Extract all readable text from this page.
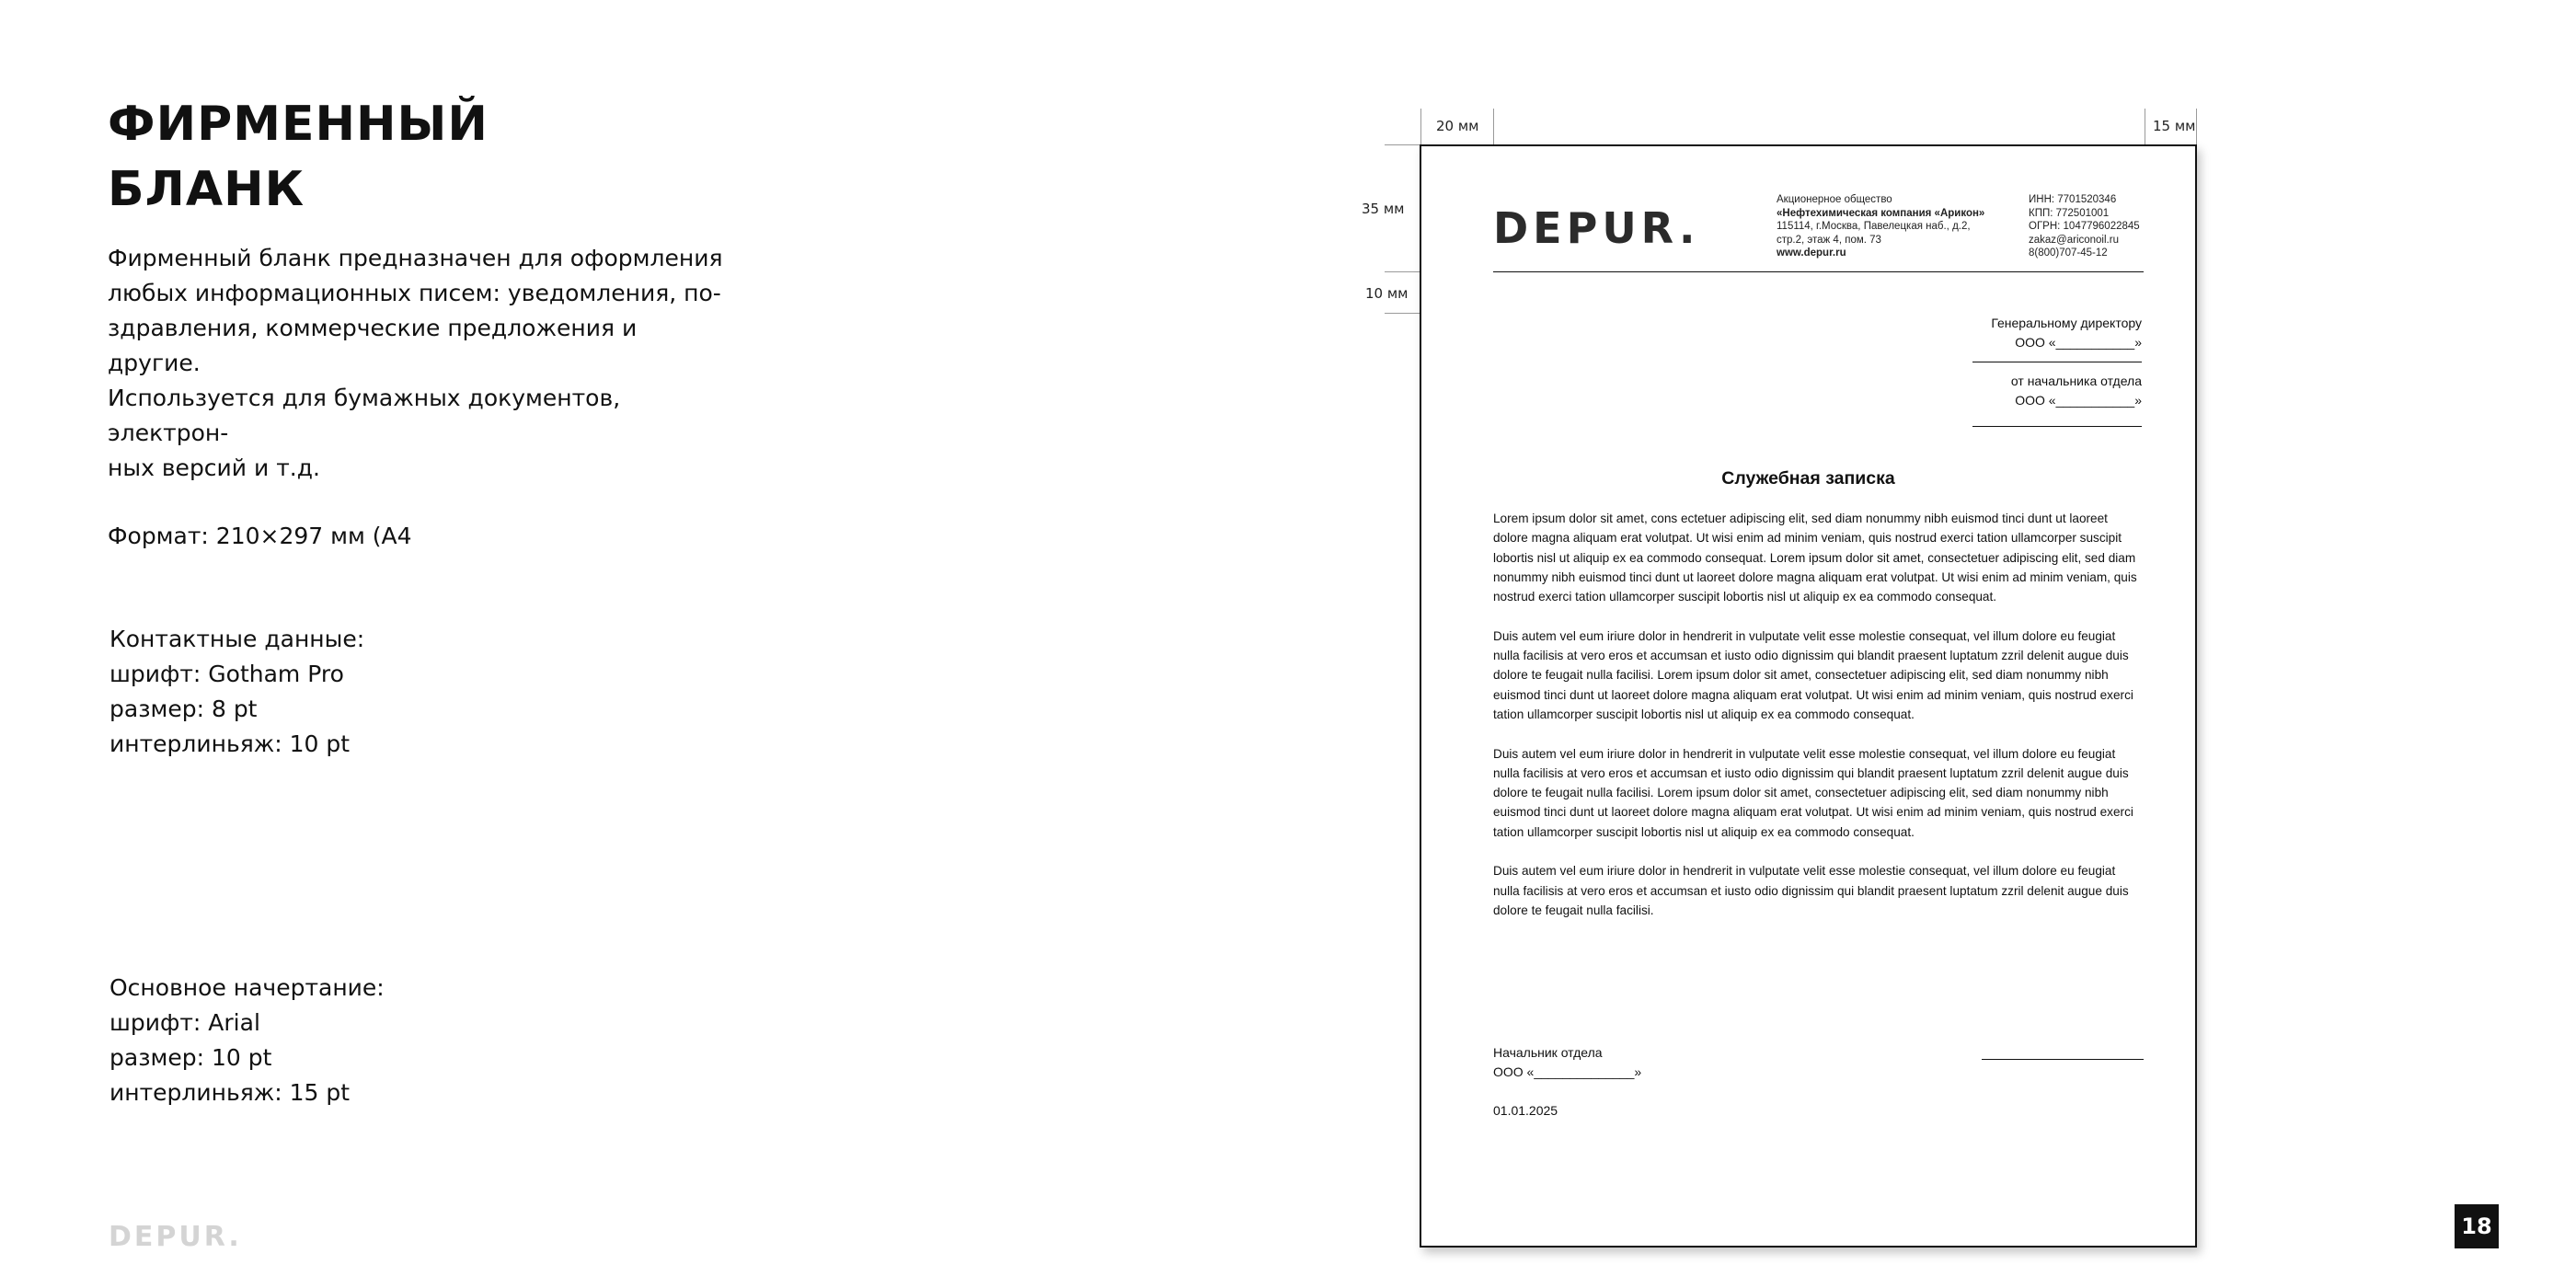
ФИРМЕННЫЙ
БЛАНК

Фирменный бланк предназначен для оформления

любых информационных писем: уведомления, по-

здравления, коммерческие предложения и другие.

Используется для бумажных документов, электрон-

ных версий и т.д.

Формат: 210×297 мм (А4

Контактные данные:
шрифт: Gotham Pro
размер: 8 pt
интерлиньяж: 10 pt
Основное начертание:
шрифт: Arial
размер: 10 pt
интерлиньяж: 15 pt
DEPUR.	18
20 мм	15 мм
35 мм
10 мм
DEPUR.
Акционерное общество
«Нефтехимическая компания «Арикон»
115114, г.Москва, Павелецкая наб., д.2,
стр.2, этаж 4, пом. 73
www.depur.ru
ИНН: 7701520346
КПП: 772501001
ОГРН: 1047796022845
zakaz@ariconoil.ru
8(800)707-45-12
Генеральному директору
ООО «___________»
от начальника отдела
ООО «___________»
Служебная записка

Lorem ipsum dolor sit amet, cons ectetuer adipiscing elit, sed diam nonummy nibh euismod tinci dunt ut laoreet dolore magna aliquam erat volutpat. Ut wisi enim ad minim veniam, quis nostrud exerci tation ullamcorper suscipit lobortis nisl ut aliquip ex ea commodo consequat. Lorem ipsum dolor sit amet, consectetuer adipiscing elit, sed diam nonummy nibh euismod tinci dunt ut laoreet dolore magna aliquam erat volutpat. Ut wisi enim ad minim veniam, quis nostrud exerci tation ullamcorper suscipit lobortis nisl ut aliquip ex ea commodo consequat.

Duis autem vel eum iriure dolor in hendrerit in vulputate velit esse molestie consequat, vel illum dolore eu feugiat nulla facilisis at vero eros et accumsan et iusto odio dignissim qui blandit praesent luptatum zzril delenit augue duis dolore te feugait nulla facilisi. Lorem ipsum dolor sit amet, consectetuer adipiscing elit, sed diam nonummy nibh euismod tinci dunt ut laoreet dolore magna aliquam erat volutpat. Ut wisi enim ad minim veniam, quis nostrud exerci tation ullamcorper suscipit lobortis nisl ut aliquip ex ea commodo consequat.

Duis autem vel eum iriure dolor in hendrerit in vulputate velit esse molestie consequat, vel illum dolore eu feugiat nulla facilisis at vero eros et accumsan et iusto odio dignissim qui blandit praesent luptatum zzril delenit augue duis dolore te feugait nulla facilisi. Lorem ipsum dolor sit amet, consectetuer adipiscing elit, sed diam nonummy nibh euismod tinci dunt ut laoreet dolore magna aliquam erat volutpat. Ut wisi enim ad minim veniam, quis nostrud exerci tation ullamcorper suscipit lobortis nisl ut aliquip ex ea commodo consequat.

Duis autem vel eum iriure dolor in hendrerit in vulputate velit esse molestie consequat, vel illum dolore eu feugiat nulla facilisis at vero eros et accumsan et iusto odio dignissim qui blandit praesent luptatum zzril delenit augue duis dolore te feugait nulla facilisi.

Начальник отдела
ООО «______________»
01.01.2025
